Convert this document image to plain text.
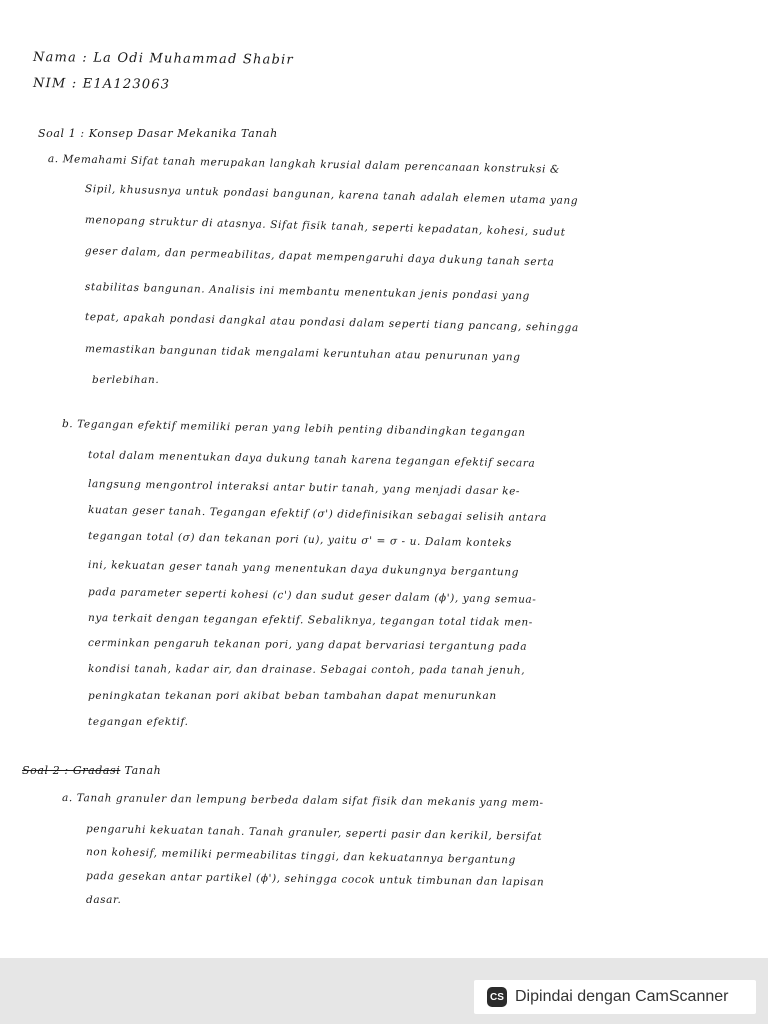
Nama : La Odi Muhammad Shabir
NIM : E1A123063
Soal 1 : Konsep Dasar Mekanika Tanah
a. Memahami Sifat tanah merupakan langkah krusial dalam perencanaan konstruksi &
Sipil, khususnya untuk pondasi bangunan, karena tanah adalah elemen utama yang
menopang struktur di atasnya. Sifat fisik tanah, seperti kepadatan, kohesi, sudut
geser dalam, dan permeabilitas, dapat mempengaruhi daya dukung tanah serta
stabilitas bangunan. Analisis ini membantu menentukan jenis pondasi yang
tepat, apakah pondasi dangkal atau pondasi dalam seperti tiang pancang, sehingga
memastikan bangunan tidak mengalami keruntuhan atau penurunan yang
berlebihan.
b. Tegangan efektif memiliki peran yang lebih penting dibandingkan tegangan
total dalam menentukan daya dukung tanah karena tegangan efektif secara
langsung mengontrol interaksi antar butir tanah, yang menjadi dasar ke-
kuatan geser tanah. Tegangan efektif (σ') didefinisikan sebagai selisih antara
tegangan total (σ) dan tekanan pori (u), yaitu σ' = σ - u. Dalam konteks
ini, kekuatan geser tanah yang menentukan daya dukungnya bergantung
pada parameter seperti kohesi (c') dan sudut geser dalam (ϕ'), yang semua-
nya terkait dengan tegangan efektif. Sebaliknya, tegangan total tidak men-
cerminkan pengaruh tekanan pori, yang dapat bervariasi tergantung pada
kondisi tanah, kadar air, dan drainase. Sebagai contoh, pada tanah jenuh,
peningkatan tekanan pori akibat beban tambahan dapat menurunkan
tegangan efektif.
Soal 2 : Gradasi Tanah
a. Tanah granuler dan lempung berbeda dalam sifat fisik dan mekanis yang mem-
pengaruhi kekuatan tanah. Tanah granuler, seperti pasir dan kerikil, bersifat
non kohesif, memiliki permeabilitas tinggi, dan kekuatannya bergantung
pada gesekan antar partikel (ϕ'), sehingga cocok untuk timbunan dan lapisan
dasar.
CS Dipindai dengan CamScanner
